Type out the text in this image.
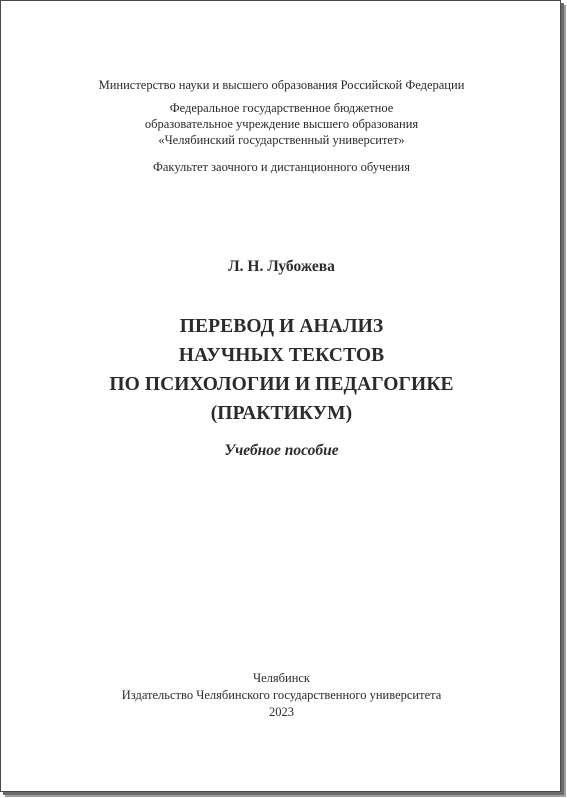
Министерство науки и высшего образования Российской Федерации
Федеральное государственное бюджетное
образовательное учреждение высшего образования
«Челябинский государственный университет»
Факультет заочного и дистанционного обучения
Л. Н. Лубожева
ПЕРЕВОД И АНАЛИЗ
НАУЧНЫХ ТЕКСТОВ
ПО ПСИХОЛОГИИ И ПЕДАГОГИКЕ
(ПРАКТИКУМ)
Учебное пособие
Челябинск
Издательство Челябинского государственного университета
2023
